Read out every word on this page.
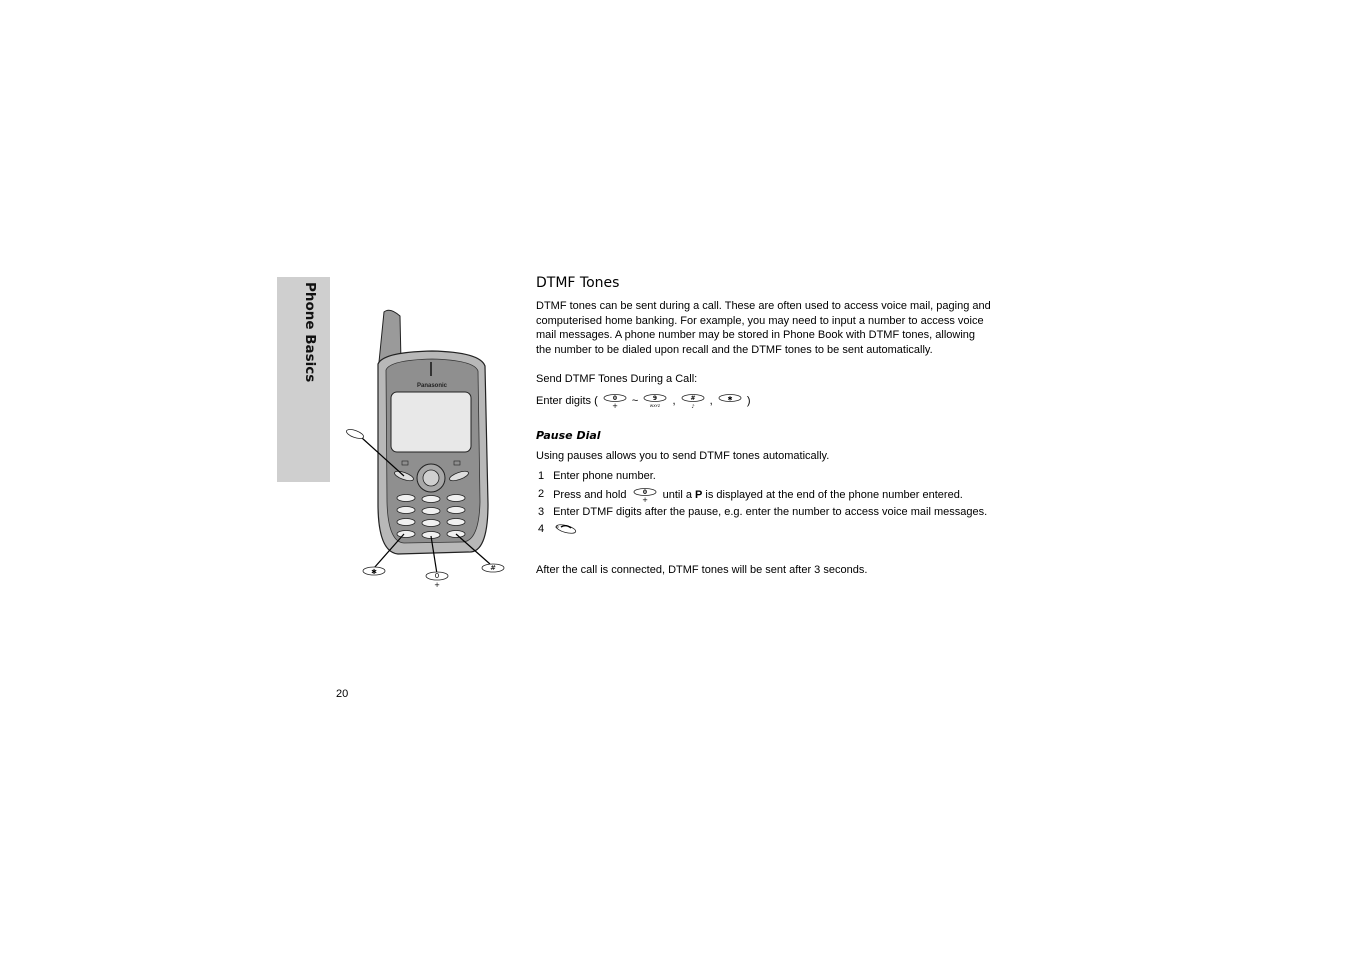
Phone Basics
Panasonic
✱	0
+
#
DTMF Tones

DTMF tones can be sent during a call. These are often used to access voice mail, paging and computerised home banking. For example, you may need to input a number to access voice mail messages. A phone number may be stored in Phone Book with DTMF tones, allowing the number to be dialed upon recall and the DTMF tones to be sent automatically.

Send DTMF Tones During a Call:
Enter digits ( 0
+ ~ 9
WXYZ , #
♪
, ✱ )
Pause Dial
Using pauses allows you to send DTMF tones automatically.
1 Enter phone number.
2 Press and hold	0
+ until a P is displayed at the end of the phone number entered.
3 Enter DTMF digits after the pause, e.g. enter the number to access voice mail messages.
4
After the call is connected, DTMF tones will be sent after 3 seconds.
20
